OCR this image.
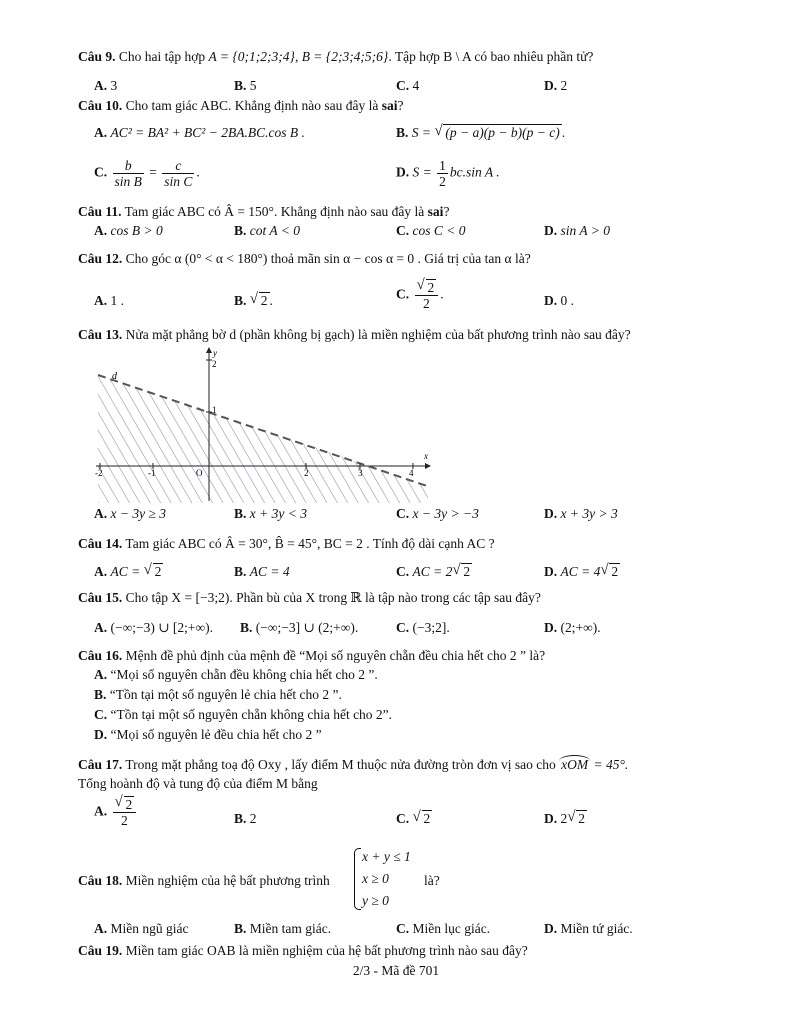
Câu 9. Cho hai tập hợp A = {0;1;2;3;4}, B = {2;3;4;5;6}. Tập hợp B \ A có bao nhiêu phần tử?
A. 3	B. 5	C. 4	D. 2
Câu 10. Cho tam giác ABC. Khẳng định nào sau đây là sai?
A. AC² = BA² + BC² − 2BA.BC.cos B .	B. S = √ (p − a)(p − b)(p − c) .
C. $\frac{b}{\text{sin B}} = \frac{c}{\text{sin C}}$ .	D. $S = \frac{1}{2} bc.\sin$ A .
Câu 11. Tam giác ABC có Â = 150°. Khẳng định nào sau đây là sai?
A. cos B > 0	B. cot A < 0	C. cos C < 0	D. sin A > 0
Câu 12. Cho góc α (0° < α < 180°) thoả mãn sin α − cos α = 0 . Giá trị của tan α là?
A. 1 .	B. √ 2 .	C. $\frac{√ 2}{2}$ .	D. 0 .
Câu 13. Nửa mặt phẳng bờ d (phần không bị gạch) là miền nghiệm của bất phương trình nào sau đây?
d
y
x
-2	-1	O	2	3	4
1
2
A. x − 3y ≥ 3	B. x + 3y < 3	C. x − 3y > −3	D. x + 3y > 3
Câu 14. Tam giác ABC có Â = 30°, B̂ = 45°, BC = 2 . Tính độ dài cạnh AC ?
A. AC = √ 2	B. AC = 4	C. AC = 2 √ 2	D. AC = 4 √ 2
Câu 15. Cho tập X = [−3;2). Phần bù của X trong ℝ là tập nào trong các tập sau đây?
A. (−∞;−3) ∪ [2;+∞). B. (−∞;−3] ∪ (2;+∞).	C. (−3;2].	D. (2;+∞).
Câu 16. Mệnh đề phủ định của mệnh đề “Mọi số nguyên chẵn đều chia hết cho 2 ” là?
A. “Mọi số nguyên chẵn đều không chia hết cho 2 ”.
B. “Tồn tại một số nguyên lẻ chia hết cho 2 ”.
C. “Tồn tại một số nguyên chẵn không chia hết cho 2”.
D. “Mọi số nguyên lẻ đều chia hết cho 2 ”
Câu 17. Trong mặt phẳng toạ độ Oxy , lấy điểm M thuộc nửa đường tròn đơn vị sao cho xOM = 45°.
Tổng hoành độ và tung độ của điểm M bằng
A. $\frac{√ 2}{2}$	B. 2	C. √ 2	D. 2 √ 2
Câu 18. Miền nghiệm của hệ bất phương trình
x + y ≤ 1
x ≥ 0
y ≥ 0
là?
A. Miền ngũ giác	B. Miền tam giác.	C. Miền lục giác.	D. Miền tứ giác.
Câu 19. Miền tam giác OAB là miền nghiệm của hệ bất phương trình nào sau đây?
2/3 - Mã đề 701
